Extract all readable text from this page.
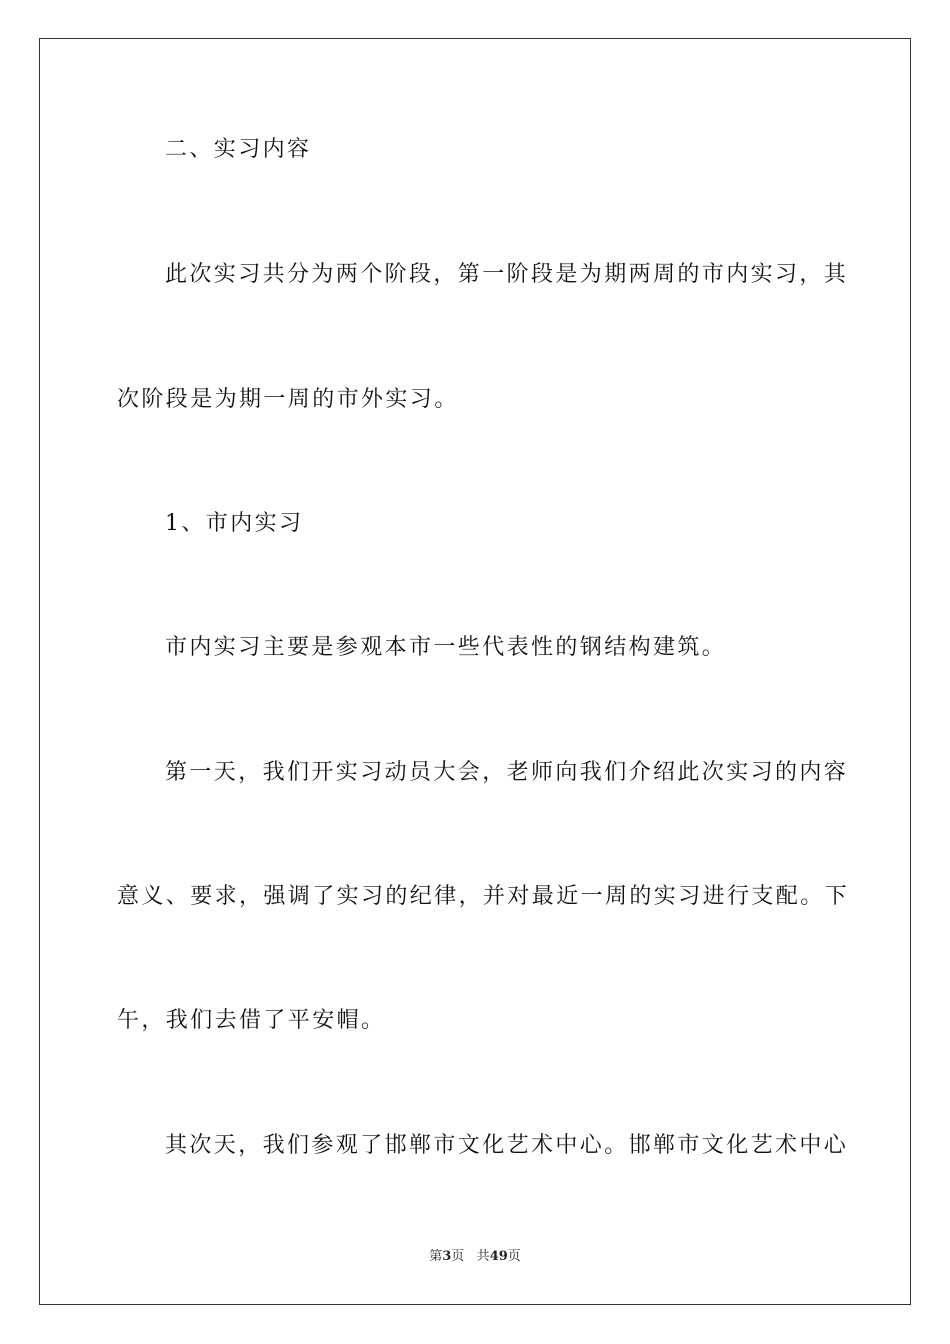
二、实习内容
此次实习共分为两个阶段，第一阶段是为期两周的市内实习，其
次阶段是为期一周的市外实习。
1、市内实习
市内实习主要是参观本市一些代表性的钢结构建筑。
第一天，我们开实习动员大会，老师向我们介绍此次实习的内容
意义、要求，强调了实习的纪律，并对最近一周的实习进行支配。下
午，我们去借了平安帽。
其次天，我们参观了邯郸市文化艺术中心。邯郸市文化艺术中心
第3页 共49页
